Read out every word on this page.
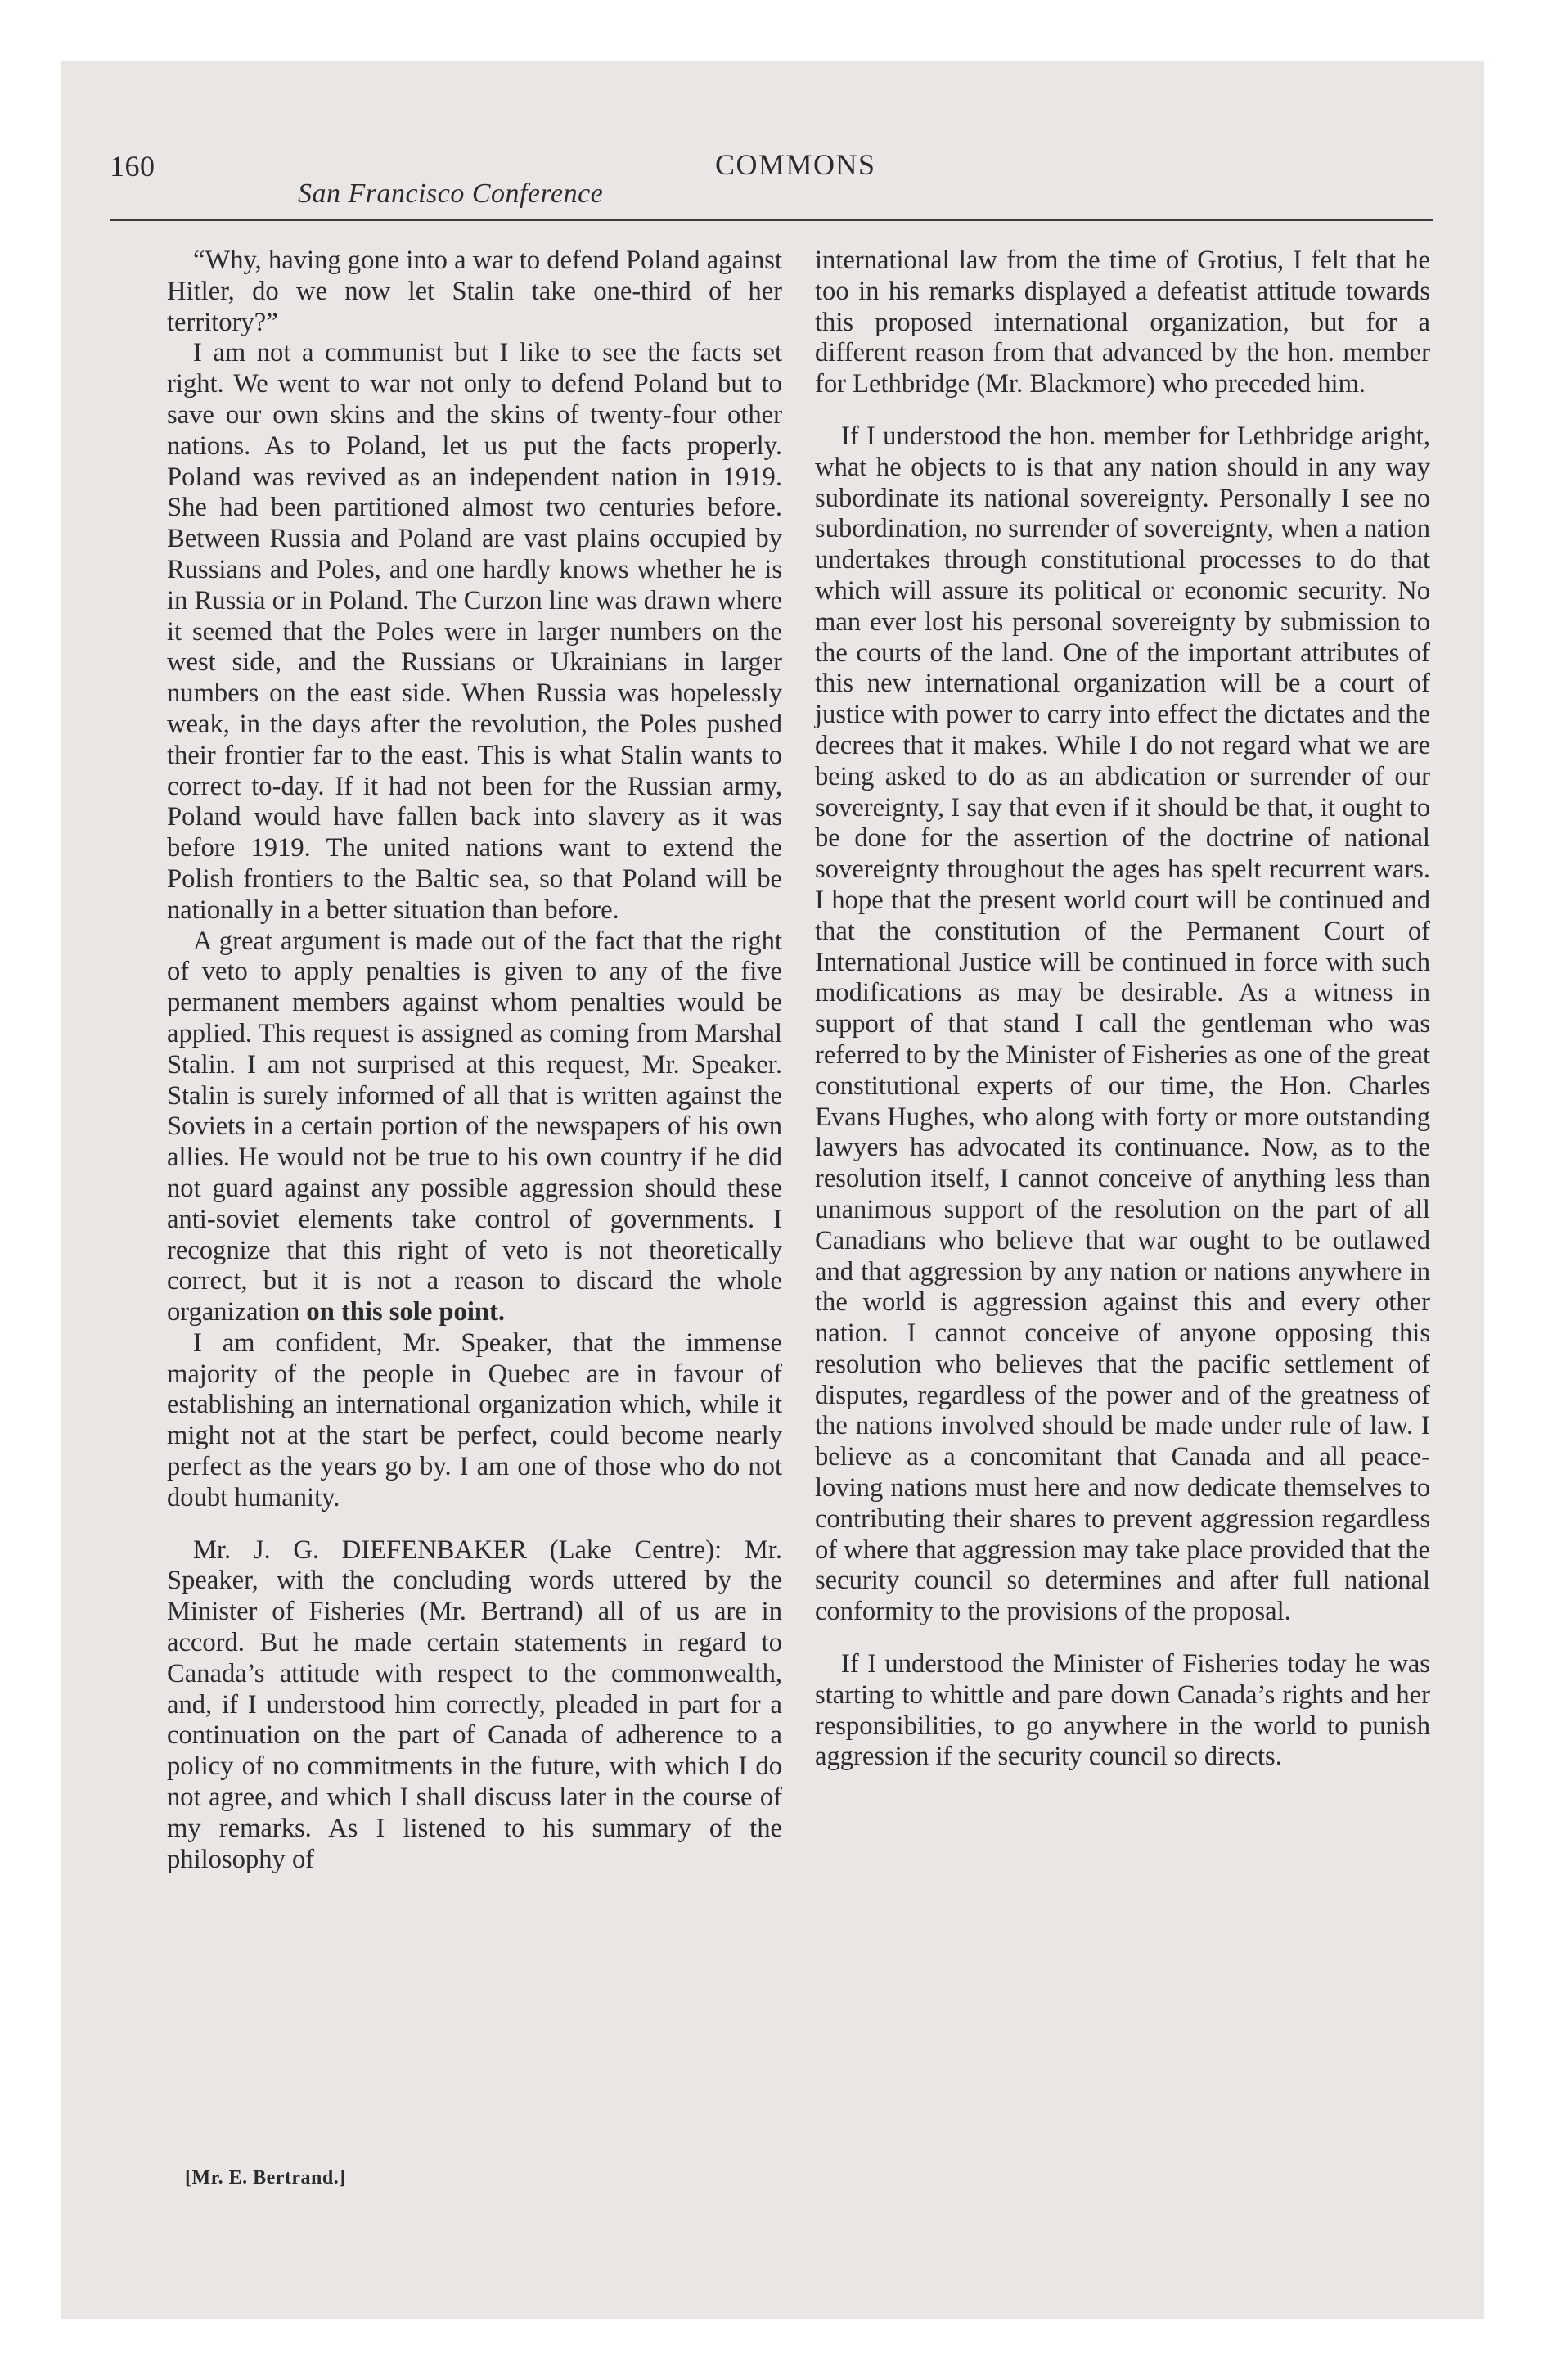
160	COMMONS
San Francisco Conference

“Why, having gone into a war to defend Poland against Hitler, do we now let Stalin take one-third of her territory?”

I am not a communist but I like to see the facts set right. We went to war not only to defend Poland but to save our own skins and the skins of twenty-four other nations. As to Poland, let us put the facts properly. Poland was revived as an independent nation in 1919. She had been partitioned almost two centuries before. Between Russia and Poland are vast plains occupied by Russians and Poles, and one hardly knows whether he is in Russia or in Poland. The Curzon line was drawn where it seemed that the Poles were in larger numbers on the west side, and the Russians or Ukrainians in larger numbers on the east side. When Russia was hopelessly weak, in the days after the revolution, the Poles pushed their frontier far to the east. This is what Stalin wants to correct to-day. If it had not been for the Russian army, Poland would have fallen back into slavery as it was before 1919. The united nations want to extend the Polish frontiers to the Baltic sea, so that Poland will be nationally in a better situation than before.

A great argument is made out of the fact that the right of veto to apply penalties is given to any of the five permanent members against whom penalties would be applied. This request is assigned as coming from Marshal Stalin. I am not surprised at this request, Mr. Speaker. Stalin is surely informed of all that is written against the Soviets in a certain portion of the newspapers of his own allies. He would not be true to his own country if he did not guard against any possible aggression should these anti-soviet elements take control of governments. I recognize that this right of veto is not theoretically correct, but it is not a reason to discard the whole organization on this sole point.

I am confident, Mr. Speaker, that the immense majority of the people in Quebec are in favour of establishing an international organization which, while it might not at the start be perfect, could become nearly perfect as the years go by. I am one of those who do not doubt humanity.

Mr. J. G. DIEFENBAKER (Lake Centre): Mr. Speaker, with the concluding words uttered by the Minister of Fisheries (Mr. Bertrand) all of us are in accord. But he made certain statements in regard to Canada’s attitude with respect to the commonwealth, and, if I understood him correctly, pleaded in part for a continuation on the part of Canada of adherence to a policy of no commitments in the future, with which I do not agree, and which I shall discuss later in the course of my remarks. As I listened to his summary of the philosophy of

international law from the time of Grotius, I felt that he too in his remarks displayed a defeatist attitude towards this proposed international organization, but for a different reason from that advanced by the hon. member for Lethbridge (Mr. Blackmore) who preceded him.

If I understood the hon. member for Lethbridge aright, what he objects to is that any nation should in any way subordinate its national sovereignty. Personally I see no subordination, no surrender of sovereignty, when a nation undertakes through constitutional processes to do that which will assure its political or economic security. No man ever lost his personal sovereignty by submission to the courts of the land. One of the important attributes of this new international organization will be a court of justice with power to carry into effect the dictates and the decrees that it makes. While I do not regard what we are being asked to do as an abdication or surrender of our sovereignty, I say that even if it should be that, it ought to be done for the assertion of the doctrine of national sovereignty throughout the ages has spelt recurrent wars. I hope that the present world court will be continued and that the constitution of the Permanent Court of International Justice will be continued in force with such modifications as may be desirable. As a witness in support of that stand I call the gentleman who was referred to by the Minister of Fisheries as one of the great constitutional experts of our time, the Hon. Charles Evans Hughes, who along with forty or more outstanding lawyers has advocated its continuance. Now, as to the resolution itself, I cannot conceive of anything less than unanimous support of the resolution on the part of all Canadians who believe that war ought to be outlawed and that aggression by any nation or nations anywhere in the world is aggression against this and every other nation. I cannot conceive of anyone opposing this resolution who believes that the pacific settlement of disputes, regardless of the power and of the greatness of the nations involved should be made under rule of law. I believe as a concomitant that Canada and all peace-loving nations must here and now dedicate themselves to contributing their shares to prevent aggression regardless of where that aggression may take place provided that the security council so determines and after full national conformity to the provisions of the proposal.

If I understood the Minister of Fisheries today he was starting to whittle and pare down Canada’s rights and her responsibilities, to go anywhere in the world to punish aggression if the security council so directs.

[Mr. E. Bertrand.]
